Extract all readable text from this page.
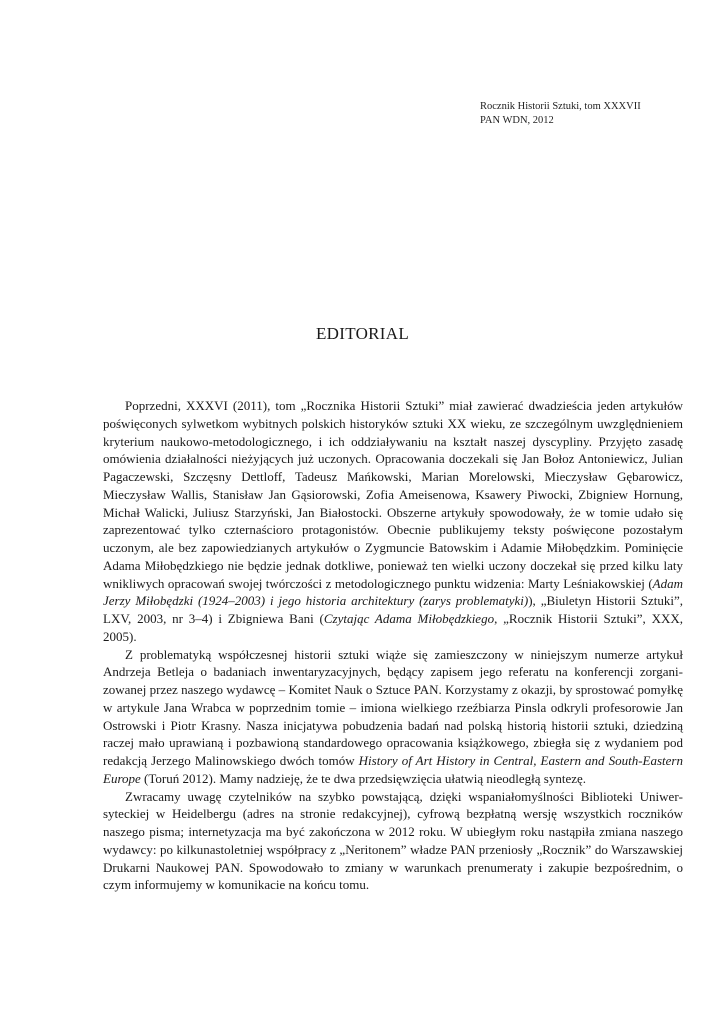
Rocznik Historii Sztuki, tom XXXVII
PAN WDN, 2012
EDITORIAL

Poprzedni, XXXVI (2011), tom „Rocznika Historii Sztuki” miał zawierać dwadzieścia jeden artykułów poświęconych sylwetkom wybitnych polskich historyków sztuki XX wieku, ze szczególnym uwzględnieniem kryterium naukowo-metodologicznego, i ich oddziaływaniu na kształt naszej dyscypliny. Przyjęto zasadę omówienia działalności nieżyjących już uczonych. Opracowania doczekali się Jan Bołoz Antoniewicz, Julian Pagaczewski, Szczęsny Dettloff, Tadeusz Mańkowski, Marian Morelowski, Mieczysław Gębarowicz, Mieczysław Wallis, Stanisław Jan Gąsiorowski, Zofia Ameisenowa, Ksawery Piwocki, Zbigniew Hornung, Michał Walicki, Juliusz Starzyński, Jan Białostocki. Obszerne artykuły spowodowały, że w tomie udało się zaprezentować tylko czternaścioro protagonistów. Obecnie publikujemy teksty poświęcone pozostałym uczonym, ale bez zapowiedzianych artykułów o Zygmuncie Batowskim i Adamie Miłobędzkim. Pominięcie Adama Miłobędzkiego nie będzie jednak dotkliwe, ponieważ ten wielki uczony doczekał się przed kilku laty wnikliwych opracowań swojej twórczości z metodologicznego punktu widzenia: Marty Leśniakowskiej (Adam Jerzy Miłobędzki (1924–2003) i jego historia architektury (zarys problematyki)), „Biuletyn Historii Sztuki”, LXV, 2003, nr 3–4) i Zbigniewa Bani (Czytając Adama Miłobędzkiego, „Rocznik Historii Sztuki”, XXX, 2005).

Z problematyką współczesnej historii sztuki wiąże się zamieszczony w niniejszym numerze artykuł Andrzeja Betleja o badaniach inwentaryzacyjnych, będący zapisem jego referatu na konferencji zorganizowanej przez naszego wydawcę – Komitet Nauk o Sztuce PAN. Korzystamy z okazji, by sprostować pomyłkę w artykule Jana Wrabca w poprzednim tomie – imiona wielkiego rzeźbiarza Pinsla odkryli profesorowie Jan Ostrowski i Piotr Krasny. Nasza inicjatywa pobudzenia badań nad polską historią historii sztuki, dziedziną raczej mało uprawianą i pozbawioną standardowego opracowania książkowego, zbiegła się z wydaniem pod redakcją Jerzego Malinowskiego dwóch tomów History of Art History in Central, Eastern and South-Eastern Europe (Toruń 2012). Mamy nadzieję, że te dwa przedsięwzięcia ułatwią nieodległą syntezę.

Zwracamy uwagę czytelników na szybko powstającą, dzięki wspaniałomyślności Biblioteki Uniwersyteckiej w Heidelbergu (adres na stronie redakcyjnej), cyfrową bezpłatną wersję wszystkich roczników naszego pisma; internetyzacja ma być zakończona w 2012 roku. W ubiegłym roku nastąpiła zmiana naszego wydawcy: po kilkunastoletniej współpracy z „Neritonem” władze PAN przeniosły „Rocznik” do Warszawskiej Drukarni Naukowej PAN. Spowodowało to zmiany w warunkach prenumeraty i zakupie bezpośrednim, o czym informujemy w komunikacie na końcu tomu.
